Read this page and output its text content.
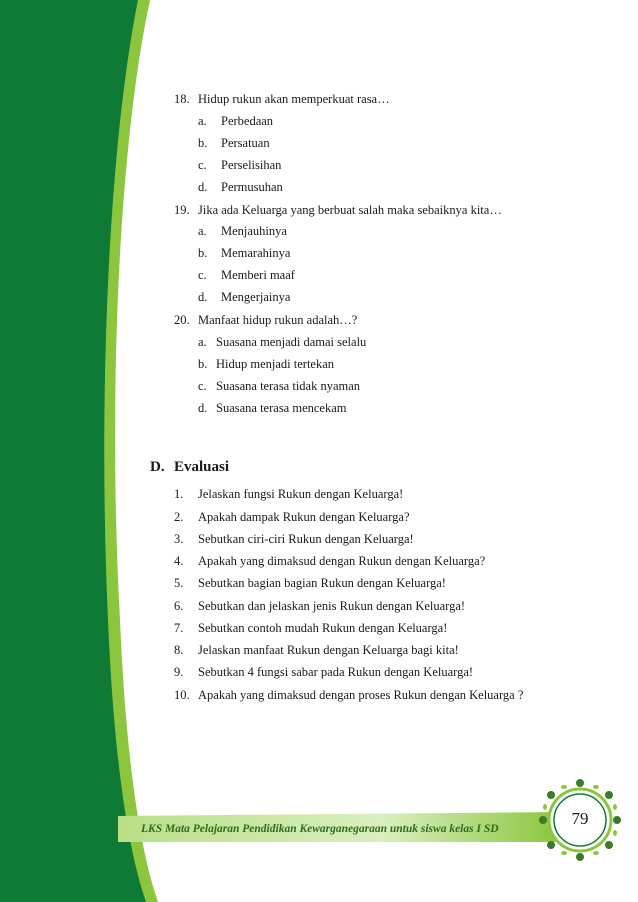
18. Hidup rukun akan memperkuat rasa…
a. Perbedaan
b. Persatuan
c. Perselisihan
d. Permusuhan
19. Jika ada Keluarga yang berbuat salah maka sebaiknya kita…
a. Menjauhinya
b. Memarahinya
c. Memberi maaf
d. Mengerjainya
20. Manfaat hidup rukun adalah…?
a. Suasana menjadi damai selalu
b. Hidup menjadi tertekan
c. Suasana terasa tidak nyaman
d. Suasana terasa mencekam
D. Evaluasi
1. Jelaskan fungsi Rukun dengan Keluarga!
2. Apakah dampak Rukun dengan Keluarga?
3. Sebutkan ciri-ciri Rukun dengan Keluarga!
4. Apakah yang dimaksud dengan Rukun dengan Keluarga?
5. Sebutkan bagian bagian Rukun dengan Keluarga!
6. Sebutkan dan jelaskan jenis Rukun dengan Keluarga!
7. Sebutkan contoh mudah Rukun dengan Keluarga!
8. Jelaskan manfaat Rukun dengan Keluarga bagi kita!
9. Sebutkan 4 fungsi sabar pada Rukun dengan Keluarga!
10. Apakah yang dimaksud dengan proses Rukun dengan Keluarga ?
LKS Mata Pelajaran Pendidikan Kewarganegaraan untuk siswa kelas I SD
79
